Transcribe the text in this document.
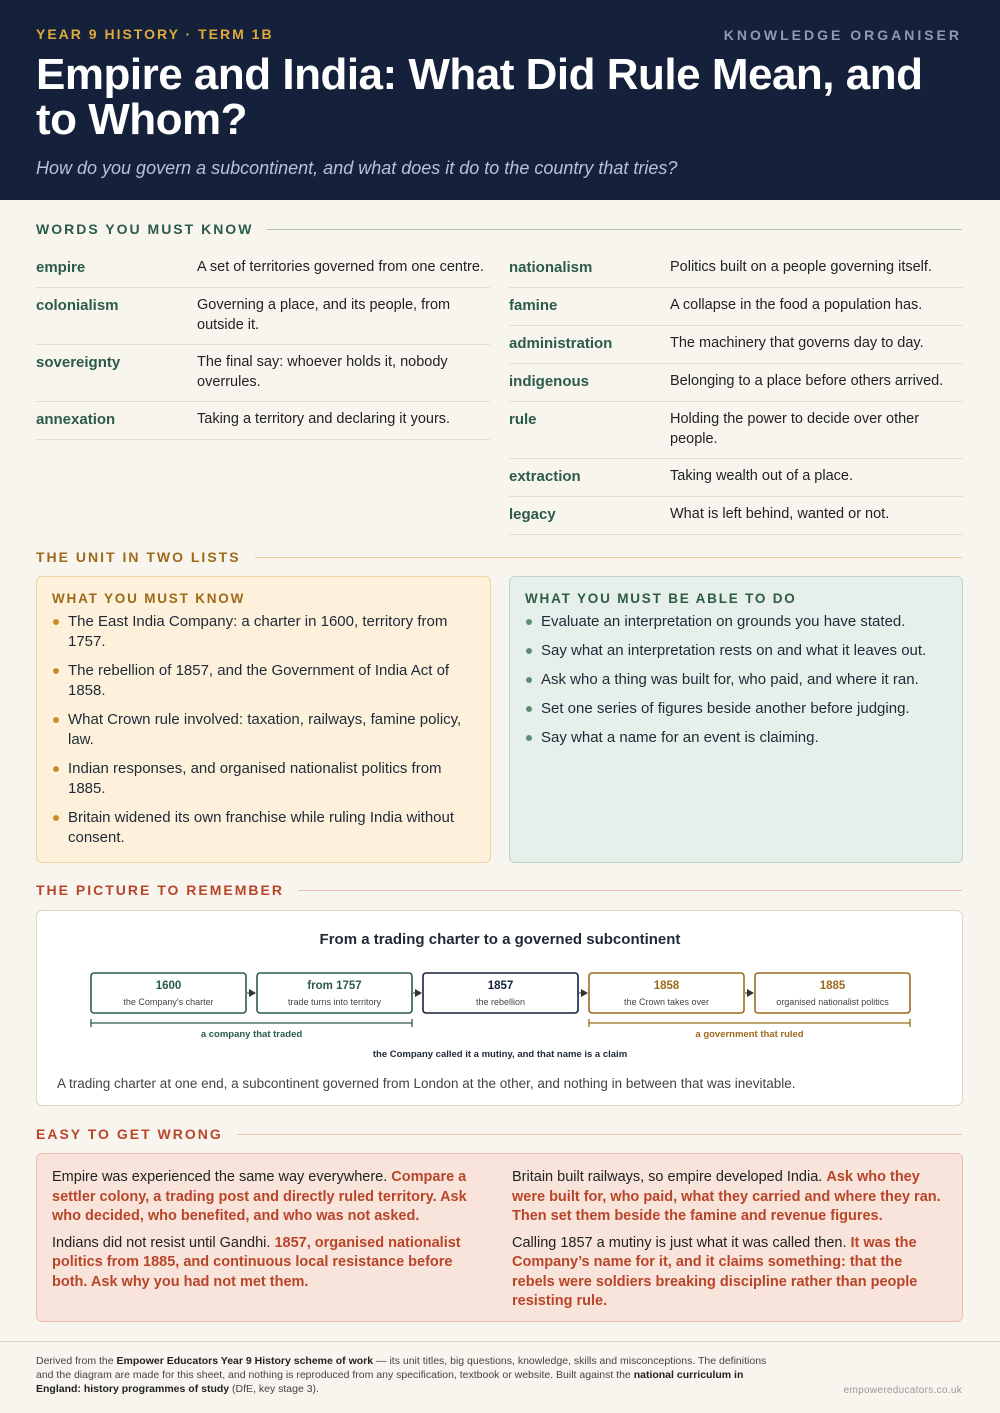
YEAR 9 HISTORY · TERM 1B	KNOWLEDGE ORGANISER
Empire and India: What Did Rule Mean, and to Whom?
How do you govern a subcontinent, and what does it do to the country that tries?
WORDS YOU MUST KNOW
empire	A set of territories governed from one centre.
colonialism	Governing a place, and its people, from outside it.
sovereignty	The final say: whoever holds it, nobody overrules.
annexation	Taking a territory and declaring it yours.
nationalism	Politics built on a people governing itself.
famine	A collapse in the food a population has.
administration	The machinery that governs day to day.
indigenous	Belonging to a place before others arrived.
rule	Holding the power to decide over other people.
extraction	Taking wealth out of a place.
legacy	What is left behind, wanted or not.
THE UNIT IN TWO LISTS
WHAT YOU MUST KNOW
The East India Company: a charter in 1600, territory from 1757.
The rebellion of 1857, and the Government of India Act of 1858.
What Crown rule involved: taxation, railways, famine policy, law.
Indian responses, and organised nationalist politics from 1885.
Britain widened its own franchise while ruling India without consent.
WHAT YOU MUST BE ABLE TO DO
Evaluate an interpretation on grounds you have stated.
Say what an interpretation rests on and what it leaves out.
Ask who a thing was built for, who paid, and where it ran.
Set one series of figures beside another before judging.
Say what a name for an event is claiming.
THE PICTURE TO REMEMBER
From a trading charter to a governed subcontinent
1600
the Company's charter
from 1757
trade turns into territory
1857
the rebellion
1858
the Crown takes over
1885
organised nationalist politics
a company that traded	a government that ruled
the Company called it a mutiny, and that name is a claim
A trading charter at one end, a subcontinent governed from London at the other, and nothing in between that was inevitable.
EASY TO GET WRONG

Empire was experienced the same way everywhere. Compare a settler colony, a trading post and directly ruled territory. Ask who decided, who benefited, and who was not asked.

Indians did not resist until Gandhi. 1857, organised nationalist politics from 1885, and continuous local resistance before both. Ask why you had not met them.

Britain built railways, so empire developed India. Ask who they were built for, who paid, what they carried and where they ran. Then set them beside the famine and revenue figures.

Calling 1857 a mutiny is just what it was called then. It was the Company’s name for it, and it claims something: that the rebels were soldiers breaking discipline rather than people resisting rule.

Derived from the Empower Educators Year 9 History scheme of work — its unit titles, big questions, knowledge, skills and misconceptions. The definitions and the diagram are made for this sheet, and nothing is reproduced from any specification, textbook or website. Built against the national curriculum in England: history programmes of study (DfE, key stage 3).	empowereducators.co.uk
